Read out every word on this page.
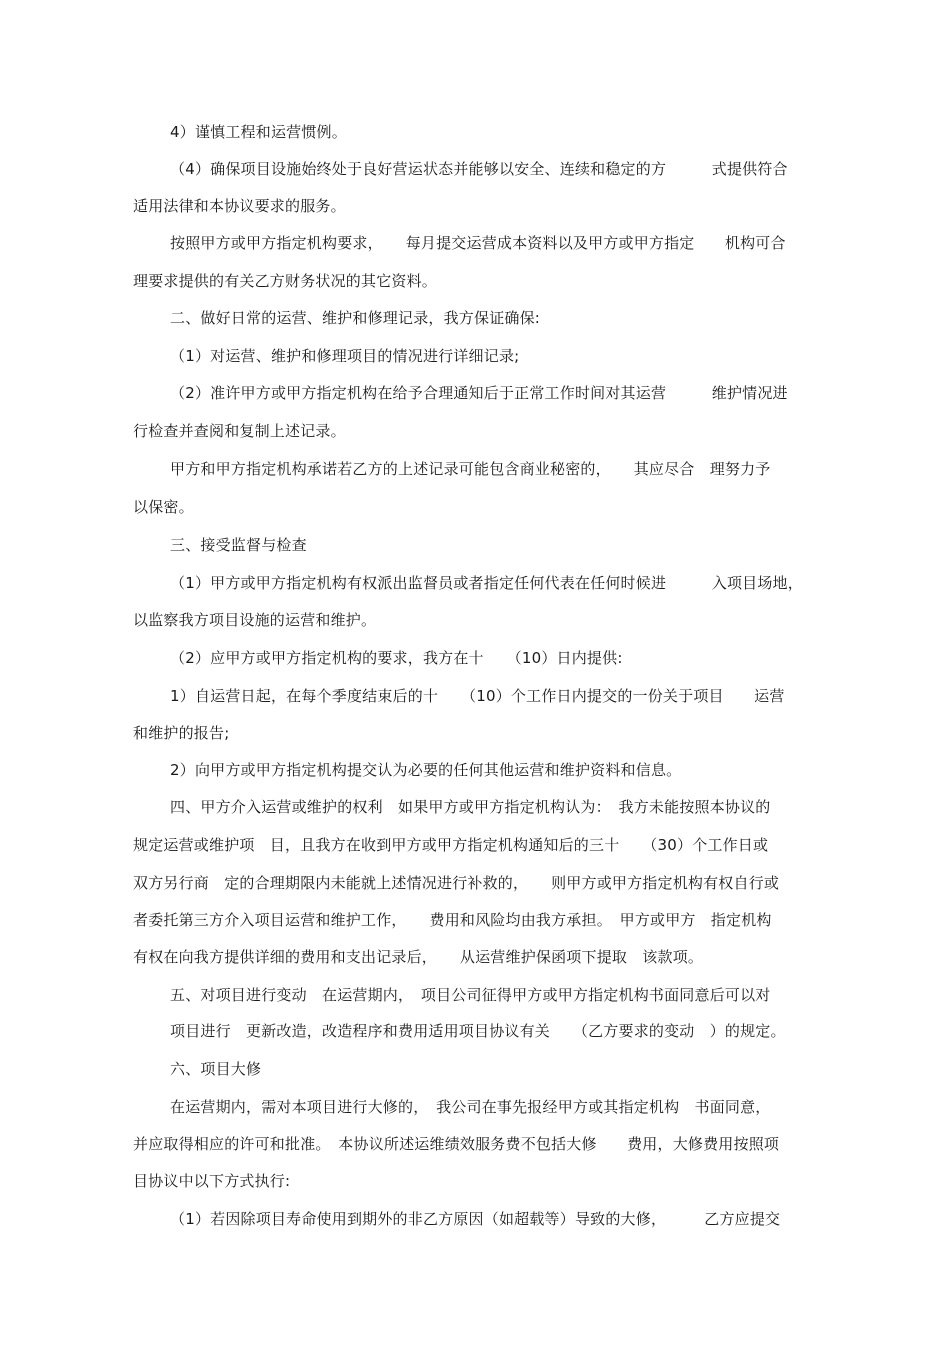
4）谨慎工程和运营惯例。
（4）确保项目设施始终处于良好营运状态并能够以安全、连续和稳定的方　　　式提供符合
适用法律和本协议要求的服务。
按照甲方或甲方指定机构要求，　　每月提交运营成本资料以及甲方或甲方指定　　机构可合
理要求提供的有关乙方财务状况的其它资料。
二、做好日常的运营、维护和修理记录，我方保证确保:
（1）对运营、维护和修理项目的情况进行详细记录;
（2）准许甲方或甲方指定机构在给予合理通知后于正常工作时间对其运营　　　维护情况进
行检查并查阅和复制上述记录。
甲方和甲方指定机构承诺若乙方的上述记录可能包含商业秘密的，　　其应尽合　理努力予
以保密。
三、接受监督与检查
（1）甲方或甲方指定机构有权派出监督员或者指定任何代表在任何时候进　　　入项目场地，
以监察我方项目设施的运营和维护。
（2）应甲方或甲方指定机构的要求，我方在十　　（10）日内提供:
1）自运营日起，在每个季度结束后的十　　（10）个工作日内提交的一份关于项目　　运营
和维护的报告;
2）向甲方或甲方指定机构提交认为必要的任何其他运营和维护资料和信息。
四、甲方介入运营或维护的权利　如果甲方或甲方指定机构认为：　我方未能按照本协议的
规定运营或维护项　目，且我方在收到甲方或甲方指定机构通知后的三十　　（30）个工作日或
双方另行商　定的合理期限内未能就上述情况进行补救的，　　则甲方或甲方指定机构有权自行或
者委托第三方介入项目运营和维护工作，　　费用和风险均由我方承担。　甲方或甲方　指定机构
有权在向我方提供详细的费用和支出记录后，　　从运营维护保函项下提取　该款项。
五、对项目进行变动　在运营期内，　项目公司征得甲方或甲方指定机构书面同意后可以对
项目进行　更新改造，改造程序和费用适用项目协议有关　　（乙方要求的变动　）的规定。
六、项目大修
在运营期内，需对本项目进行大修的，　我公司在事先报经甲方或其指定机构　书面同意，
并应取得相应的许可和批准。　本协议所述运维绩效服务费不包括大修　　费用，大修费用按照项
目协议中以下方式执行:
（1）若因除项目寿命使用到期外的非乙方原因（如超载等）导致的大修，　　　乙方应提交
